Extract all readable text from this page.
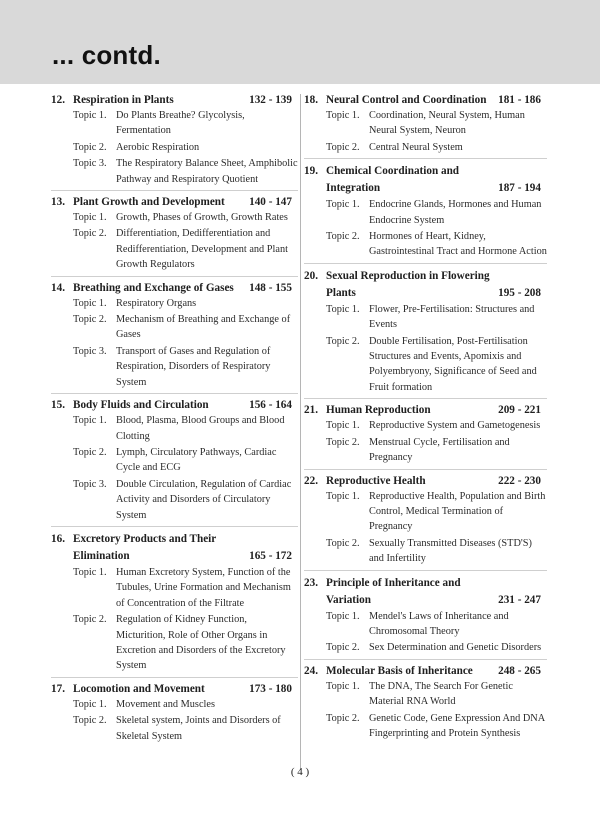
... contd.
12. Respiration in Plants	132 - 139
Topic 1. Do Plants Breathe? Glycolysis, Fermentation
Topic 2. Aerobic Respiration
Topic 3. The Respiratory Balance Sheet, Amphibolic Pathway and Respiratory Quotient
13. Plant Growth and Development 140 - 147
Topic 1. Growth, Phases of Growth, Growth Rates
Topic 2. Differentiation, Dedifferentiation and Redifferentiation, Development and Plant Growth Regulators
14. Breathing and Exchange of Gases 148 - 155
Topic 1. Respiratory Organs
Topic 2. Mechanism of Breathing and Exchange of Gases
Topic 3. Transport of Gases and Regulation of Respiration, Disorders of Respiratory System
15. Body Fluids and Circulation	156 - 164
Topic 1. Blood, Plasma, Blood Groups and Blood Clotting
Topic 2. Lymph, Circulatory Pathways, Cardiac Cycle and ECG
Topic 3. Double Circulation, Regulation of Cardiac Activity and Disorders of Circulatory System
16. Excretory Products and Their
Elimination	165 - 172
Topic 1. Human Excretory System, Function of the Tubules, Urine Formation and Mechanism of Concentration of the Filtrate
Topic 2. Regulation of Kidney Function, Micturition, Role of Other Organs in Excretion and Disorders of the Excretory System
17. Locomotion and Movement	173 - 180
Topic 1. Movement and Muscles
Topic 2. Skeletal system, Joints and Disorders of Skeletal System
18. Neural Control and Coordination 181 - 186
Topic 1. Coordination, Neural System, Human Neural System, Neuron
Topic 2. Central Neural System
19. Chemical Coordination and
Integration	187 - 194
Topic 1. Endocrine Glands, Hormones and Human Endocrine System
Topic 2. Hormones of Heart, Kidney, Gastrointestinal Tract and Hormone Action
20. Sexual Reproduction in Flowering
Plants	195 - 208
Topic 1. Flower, Pre-Fertilisation: Structures and Events
Topic 2. Double Fertilisation, Post-Fertilisation Structures and Events, Apomixis and Polyembryony, Significance of Seed and Fruit formation
21. Human Reproduction	209 - 221
Topic 1. Reproductive System and Gametogenesis
Topic 2. Menstrual Cycle, Fertilisation and Pregnancy
22. Reproductive Health	222 - 230
Topic 1. Reproductive Health, Population and Birth Control, Medical Termination of Pregnancy
Topic 2. Sexually Transmitted Diseases (STD'S) and Infertility
23. Principle of Inheritance and
Variation	231 - 247
Topic 1. Mendel's Laws of Inheritance and Chromosomal Theory
Topic 2. Sex Determination and Genetic Disorders
24. Molecular Basis of Inheritance 248 - 265
Topic 1. The DNA, The Search For Genetic Material RNA World
Topic 2. Genetic Code, Gene Expression And DNA Fingerprinting and Protein Synthesis
( 4 )
